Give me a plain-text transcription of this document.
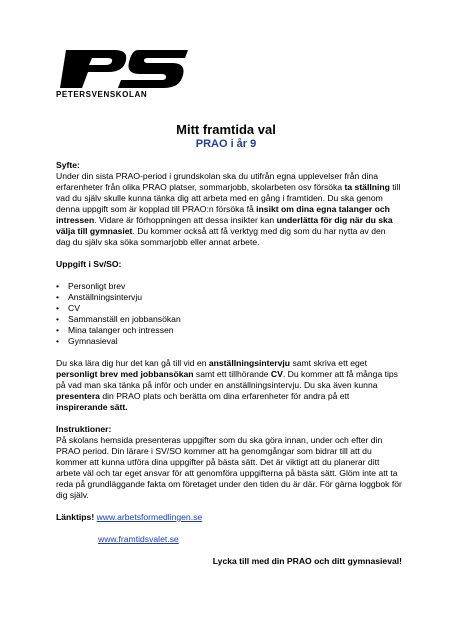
PETERSVENSKOLAN
Mitt framtida val
PRAO i år 9
Syfte:

Under din sista PRAO-period i grundskolan ska du utifrån egna upplevelser från dina erfarenheter från olika PRAO platser, sommarjobb, skolarbeten osv försöka ta ställning till vad du själv skulle kunna tänka dig att arbeta med en gång i framtiden. Du ska genom denna uppgift som är kopplad till PRAO:n försöka få insikt om dina egna talanger och intressen. Vidare är förhoppningen att dessa insikter kan underlätta för dig när du ska välja till gymnasiet. Du kommer också att få verktyg med dig som du har nytta av den dag du själv ska söka sommarjobb eller annat arbete.

Uppgift i Sv/SO:

• Personligt brev
• Anställningsintervju
• CV
• Sammanställ en jobbansökan
• Mina talanger och intressen
• Gymnasieval

Du ska lära dig hur det kan gå till vid en anställningsintervju samt skriva ett eget personligt brev med jobbansökan samt ett tillhörande CV. Du kommer att få många tips på vad man ska tänka på inför och under en anställningsintervju. Du ska även kunna presentera din PRAO plats och berätta om dina erfarenheter för andra på ett inspirerande sätt.

Instruktioner:

På skolans hemsida presenteras uppgifter som du ska göra innan, under och efter din PRAO period. Din lärare i SV/SO kommer att ha genomgångar som bidrar till att du kommer att kunna utföra dina uppgifter på bästa sätt. Det är viktigt att du planerar ditt arbete väl och tar eget ansvar för att genomföra uppgifterna på bästa sätt. Glöm inte att ta reda på grundläggande fakta om företaget under den tiden du är där. För gärna loggbok för dig själv.

Länktips! www.arbetsformedlingen.se

www.framtidsvalet.se

Lycka till med din PRAO och ditt gymnasieval!
